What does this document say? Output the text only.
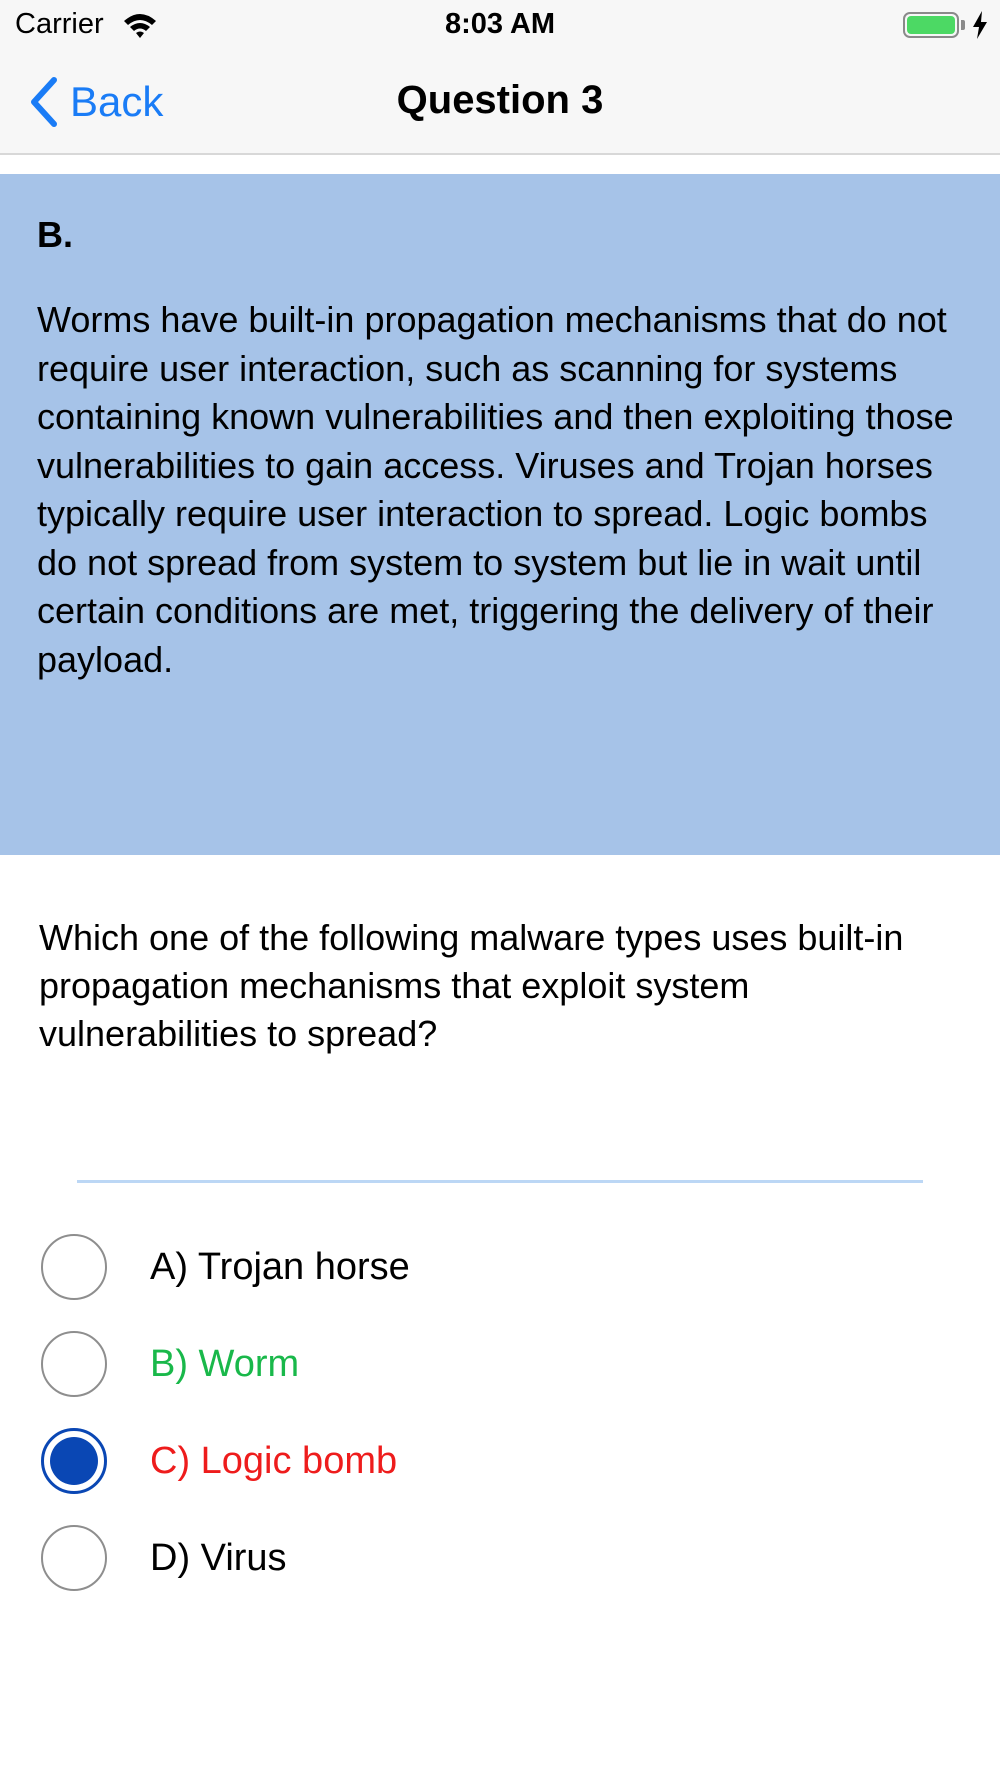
Carrier	8:03 AM
Back	Question 3
B.
Worms have built-in propagation mechanisms that do not require user interaction, such as scanning for systems containing known vulnerabilities and then exploiting those vulnerabilities to gain access. Viruses and Trojan horses typically require user interaction to spread. Logic bombs do not spread from system to system but lie in wait until certain conditions are met, triggering the delivery of their payload.
Which one of the following malware types uses built-in propagation mechanisms that exploit system vulnerabilities to spread?
A) Trojan horse
B) Worm
C) Logic bomb
D) Virus
